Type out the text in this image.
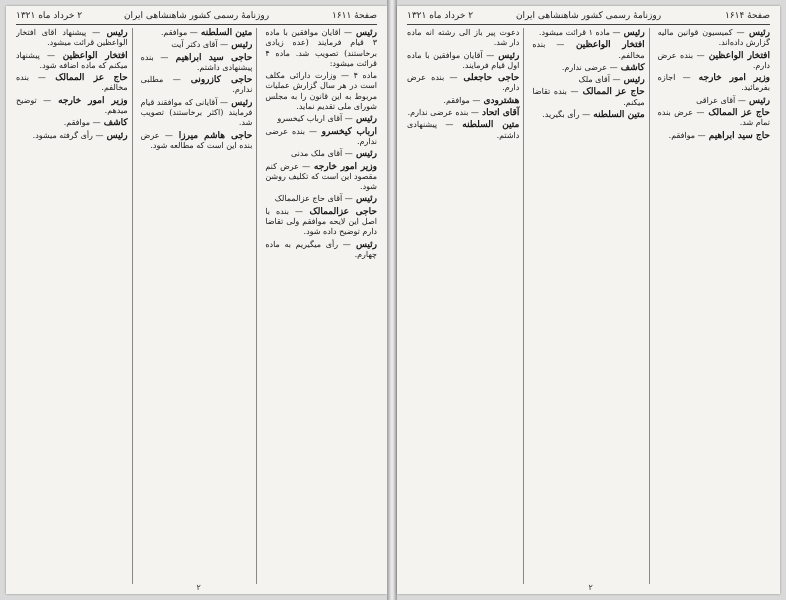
صفحهٔ ۱۶۱۱
روزنامهٔ رسمی کشور شاهنشاهی ایران
۲ خرداد ماه ۱۳۲۱

رئیس — آقایان موافقین با ماده ۳ قیام فرمایند (عده زیادی برخاستند) تصویب شد. ماده ۴ قرائت میشود:

ماده ۴ — وزارت دارائی مکلف است در هر سال گزارش عملیات مربوط به این قانون را به مجلس شورای ملی تقدیم نماید.

رئیس — آقای ارباب کیخسرو

ارباب کیخسرو — بنده عرضی ندارم.

رئیس — آقای ملک مدنی

وزیر امور خارجه — عرض کنم مقصود این است که تکلیف روشن شود.

رئیس — آقای حاج عزالممالک

حاجی عزالممالک — بنده با اصل این لایحه موافقم ولی تقاضا دارم توضیح داده شود.

رئیس — رأی میگیریم به ماده چهارم.

متین السلطنه — موافقم.

رئیس — آقای دکتر آیت

حاجی سید ابراهیم — بنده پیشنهادی داشتم.

حاجی کازرونی — مطلبی ندارم.

رئیس — آقایانی که موافقند قیام فرمایند (اکثر برخاستند) تصویب شد.

حاجی هاشم میرزا — عرض بنده این است که مطالعه شود.

رئیس — پیشنهاد آقای افتخار الواعظین قرائت میشود.

افتخار الواعظین — پیشنهاد میکنم که ماده اضافه شود.

حاج عز الممالک — بنده مخالفم.

وزیر امور خارجه — توضیح میدهم.

کاشف — موافقم.

رئیس — رأی گرفته میشود.

۲
صفحهٔ ۱۶۱۴
روزنامهٔ رسمی کشور شاهنشاهی ایران
۲ خرداد ماه ۱۳۲۱

رئیس — کمیسیون قوانین مالیه گزارش داده‌اند.

افتخار الواعظین — بنده عرض دارم.

وزیر امور خارجه — اجازه بفرمائید.

رئیس — آقای عراقی

حاج عز الممالک — عرض بنده تمام شد.

حاج سید ابراهیم — موافقم.

رئیس — ماده ۱ قرائت میشود.

افتخار الواعظین — بنده مخالفم.

کاشف — عرضی ندارم.

رئیس — آقای ملک

حاج عز الممالک — بنده تقاضا میکنم.

متین السلطنه — رأی بگیرید.

دعوت پیر باز الی رشته انه ماده دار شد.

رئیس — آقایان موافقین با ماده اول قیام فرمایند.

حاجی حاجعلی — بنده عرض دارم.

هشترودی — موافقم.

آقای اتحاد — بنده عرضی ندارم.

متین السلطنه — پیشنهادی داشتم.

۲
